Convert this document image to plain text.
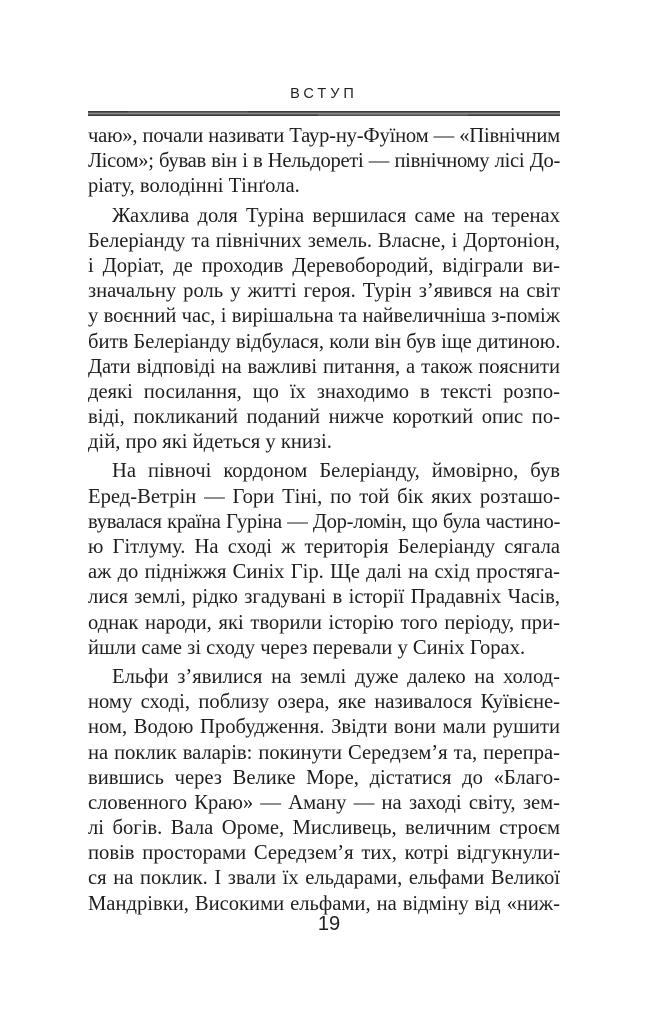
ВСТУП
чаю», почали називати Таур-ну-Фуїном — «Північним
Лісом»; бував він і в Нельдореті — північному лісі До-
ріату, володінні Тінґола.
Жахлива доля Туріна вершилася саме на теренах
Белеріанду та північних земель. Власне, і Дортоніон,
і Доріат, де проходив Деревобородий, відіграли ви-
значальну роль у житті героя. Турін з’явився на світ
у воєнний час, і вирішальна та найвеличніша з-поміж
битв Белеріанду відбулася, коли він був іще дитиною.
Дати відповіді на важливі питання, а також пояснити
деякі посилання, що їх знаходимо в тексті розпо-
віді, покликаний поданий нижче короткий опис по-
дій, про які йдеться у книзі.
На півночі кордоном Белеріанду, ймовірно, був
Еред-Ветрін — Гори Тіні, по той бік яких розташо-
вувалася країна Гуріна — Дор-ломін, що була частино-
ю Гітлуму. На сході ж територія Белеріанду сягала
аж до підніжжя Синіх Гір. Ще далі на схід простяга-
лися землі, рідко згадувані в історії Прадавніх Часів,
однак народи, які творили історію того періоду, при-
йшли саме зі сходу через перевали у Синіх Горах.
Ельфи з’явилися на землі дуже далеко на холод-
ному сході, поблизу озера, яке називалося Куївієнe-
ном, Водою Пробудження. Звідти вони мали рушити
на поклик валарів: покинути Середзем’я та, перепра-
вившись через Велике Море, дістатися до «Благо-
словенного Краю» — Аману — на заході світу, зем-
лі богів. Вала Ороме, Мисливець, величним строєм
повів просторами Середзем’я тих, котрі відгукнули-
ся на поклик. І звали їх ельдарами, ельфами Великої
Мандрівки, Високими ельфами, на відміну від «ниж-
19
